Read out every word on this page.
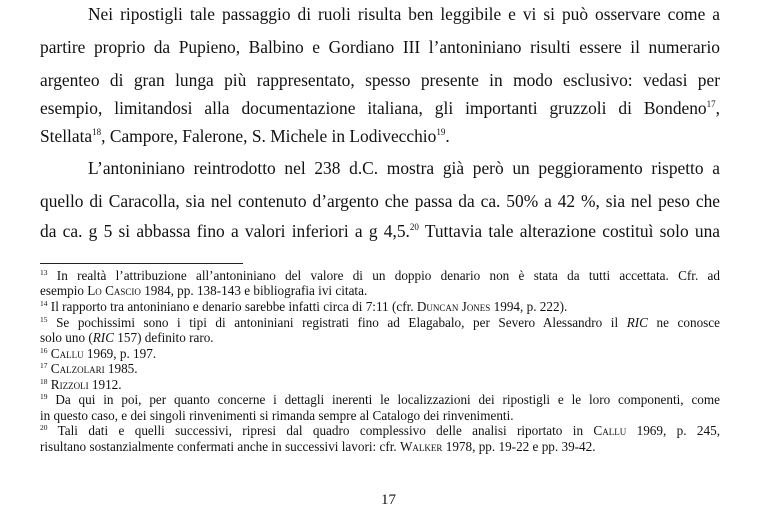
Nei ripostigli tale passaggio di ruoli risulta ben leggibile e vi si può osservare come a
partire proprio da Pupieno, Balbino e Gordiano III l’antoniniano risulti essere il numerario
argenteo di gran lunga più rappresentato, spesso presente in modo esclusivo: vedasi per
esempio, limitandosi alla documentazione italiana, gli importanti gruzzoli di Bondeno$^{17}$,
Stellata$^{18}$, Campore, Falerone, S. Michele in Lodivecchio$^{19}$.
L’antoniniano reintrodotto nel 238 d.C. mostra già però un peggioramento rispetto a
quello di Caracolla, sia nel contenuto d’argento che passa da ca. 50% a 42 %, sia nel peso che
da ca. g 5 si abbassa fino a valori inferiori a g 4,5.20 Tuttavia tale alterazione costituì solo una
$^{13}$ In realtà l’attribuzione all’antoniniano del valore di un doppio denario non è stata da tutti accettata. Cfr. ad
esempio Lo Cascio 1984, pp. 138-143 e bibliografia ivi citata.
$^{14}$ Il rapporto tra antoniniano e denario sarebbe infatti circa di 7:11 (cfr. Duncan Jones 1994, p. 222).
$^{15}$ Se pochissimi sono i tipi di antoniniani registrati fino ad Elagabalo, per Severo Alessandro il RIC ne conosce
solo uno (RIC 157) definito raro.
$^{16}$ Callu 1969, p. 197.
$^{17}$ Calzolari 1985.
$^{18}$ Rizzoli 1912.
$^{19}$ Da qui in poi, per quanto concerne i dettagli inerenti le localizzazioni dei ripostigli e le loro componenti, come
in questo caso, e dei singoli rinvenimenti si rimanda sempre al Catalogo dei rinvenimenti.
$^{20}$ Tali dati e quelli successivi, ripresi dal quadro complessivo delle analisi riportato in Callu 1969, p. 245,
risultano sostanzialmente confermati anche in successivi lavori: cfr. Walker 1978, pp. 19-22 e pp. 39-42.
17
